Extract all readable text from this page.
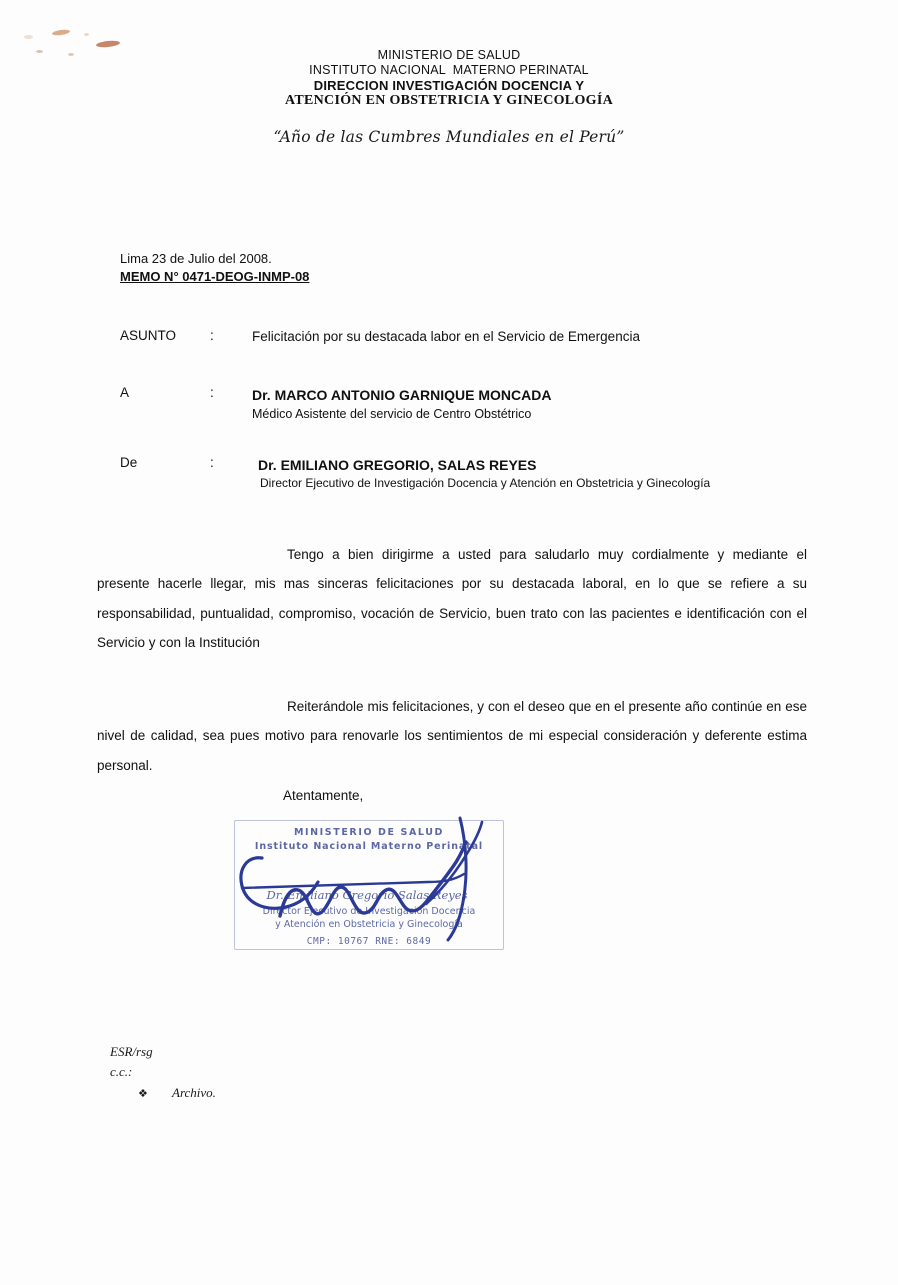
MINISTERIO DE SALUD
INSTITUTO NACIONAL  MATERNO PERINATAL
DIRECCION INVESTIGACIÓN DOCENCIA Y
ATENCIÓN EN OBSTETRICIA Y GINECOLOGÍA
“Año de las Cumbres Mundiales en el Perú”
Lima 23 de Julio del 2008.
MEMO N° 0471-DEOG-INMP-08
ASUNTO	:	Felicitación por su destacada labor en el Servicio de Emergencia
A	:	Dr. MARCO ANTONIO GARNIQUE MONCADA
Médico Asistente del servicio de Centro Obstétrico
De	:	Dr. EMILIANO GREGORIO, SALAS REYES
Director Ejecutivo de Investigación Docencia y Atención en Obstetricia y Ginecología

Tengo a bien dirigirme a usted para saludarlo muy cordialmente y mediante el presente hacerle llegar, mis mas sinceras felicitaciones por su destacada laboral, en lo que se refiere a su responsabilidad, puntualidad, compromiso, vocación de Servicio, buen trato con las pacientes e identificación con el Servicio y con la Institución

Reiterándole mis felicitaciones, y con el deseo que en el presente año continúe en ese nivel de calidad, sea pues motivo para renovarle los sentimientos de mi especial consideración y deferente estima personal.

Atentamente,
MINISTERIO DE SALUD
Instituto Nacional Materno Perinatal
Dr. Emiliano Gregorio Salas Reyes
Director Ejecutivo de Investigación Docencia
y Atención en Obstetricia y Ginecología
CMP: 10767 RNE: 6849
ESR/rsg
c.c.:
❖	Archivo.
